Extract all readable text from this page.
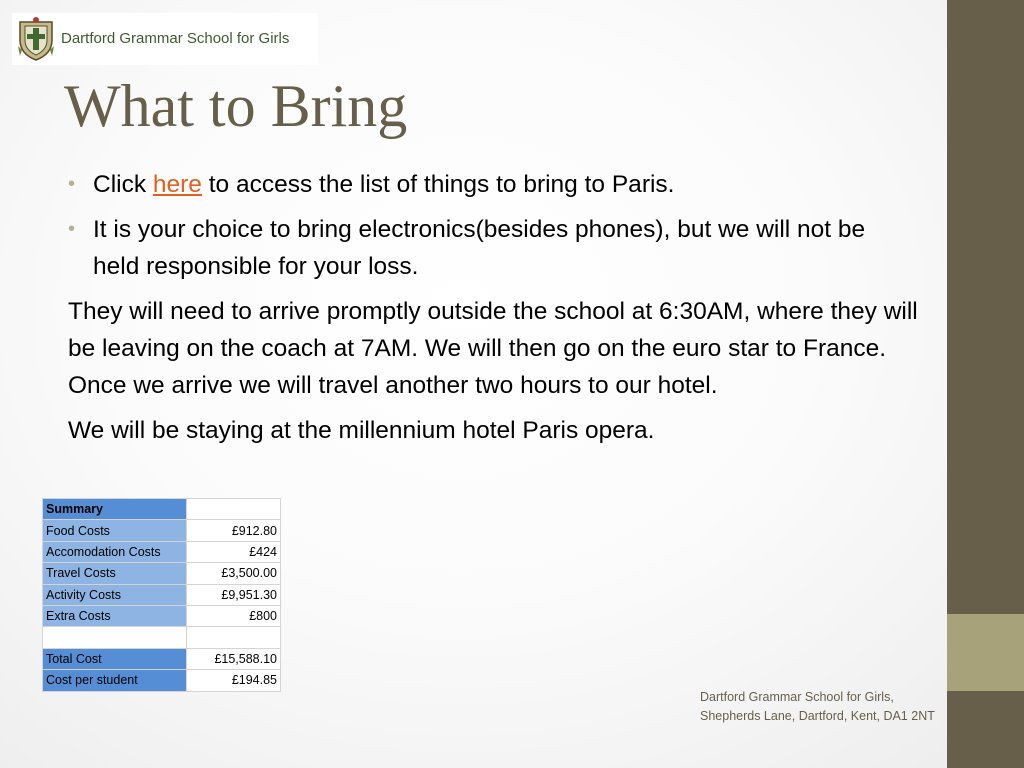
Dartford Grammar School for Girls
What to Bring
• Click here to access the list of things to bring to Paris.
• It is your choice to bring electronics(besides phones), but we will not be held responsible for your loss.

They will need to arrive promptly outside the school at 6:30AM, where they will be leaving on the coach at 7AM. We will then go on the euro star to France. Once we arrive we will travel another two hours to our hotel.

We will be staying at the millennium hotel Paris opera.

Summary	
Food Costs	£912.80
Accomodation Costs	£424
Travel Costs	£3,500.00
Activity Costs	£9,951.30
Extra Costs	£800

Total Cost	£15,588.10
Cost per student	£194.85
Dartford Grammar School for Girls, Shepherds Lane, Dartford, Kent, DA1 2NT
